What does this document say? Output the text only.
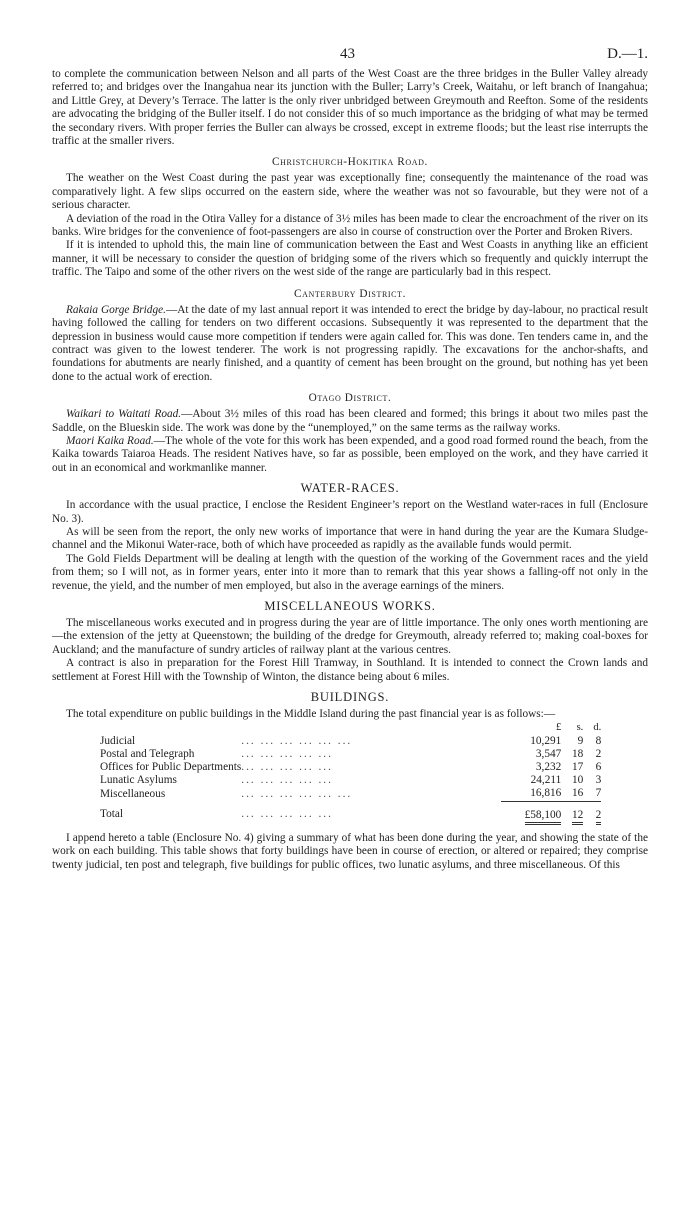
43	D.—1.

to complete the communication between Nelson and all parts of the West Coast are the three bridges in the Buller Valley already referred to; and bridges over the Inangahua near its junction with the Buller; Larry’s Creek, Waitahu, or left branch of Inangahua; and Little Grey, at Devery’s Terrace. The latter is the only river unbridged between Greymouth and Reefton. Some of the residents are advocating the bridging of the Buller itself. I do not consider this of so much importance as the bridging of what may be termed the secondary rivers. With proper ferries the Buller can always be crossed, except in extreme floods; but the least rise interrupts the traffic at the smaller rivers.

Christchurch-Hokitika Road.

The weather on the West Coast during the past year was exceptionally fine; consequently the maintenance of the road was comparatively light. A few slips occurred on the eastern side, where the weather was not so favourable, but they were not of a serious character.

A deviation of the road in the Otira Valley for a distance of 3½ miles has been made to clear the encroachment of the river on its banks. Wire bridges for the convenience of foot-passengers are also in course of construction over the Porter and Broken Rivers.

If it is intended to uphold this, the main line of communication between the East and West Coasts in anything like an efficient manner, it will be necessary to consider the question of bridging some of the rivers which so frequently and quickly interrupt the traffic. The Taipo and some of the other rivers on the west side of the range are particularly bad in this respect.

Canterbury District.

Rakaia Gorge Bridge.—At the date of my last annual report it was intended to erect the bridge by day-labour, no practical result having followed the calling for tenders on two different occasions. Subsequently it was represented to the department that the depression in business would cause more competition if tenders were again called for. This was done. Ten tenders came in, and the contract was given to the lowest tenderer. The work is not progressing rapidly. The excavations for the anchor-shafts, and foundations for abutments are nearly finished, and a quantity of cement has been brought on the ground, but nothing has yet been done to the actual work of erection.

Otago District.

Waikari to Waitati Road.—About 3½ miles of this road has been cleared and formed; this brings it about two miles past the Saddle, on the Blueskin side. The work was done by the “unemployed,” on the same terms as the railway works.

Maori Kaika Road.—The whole of the vote for this work has been expended, and a good road formed round the beach, from the Kaika towards Taiaroa Heads. The resident Natives have, so far as possible, been employed on the work, and they have carried it out in an economical and workmanlike manner.

WATER-RACES.

In accordance with the usual practice, I enclose the Resident Engineer’s report on the Westland water-races in full (Enclosure No. 3).

As will be seen from the report, the only new works of importance that were in hand during the year are the Kumara Sludge-channel and the Mikonui Water-race, both of which have proceeded as rapidly as the available funds would permit.

The Gold Fields Department will be dealing at length with the question of the working of the Government races and the yield from them; so I will not, as in former years, enter into it more than to remark that this year shows a falling-off not only in the revenue, the yield, and the number of men employed, but also in the average earnings of the miners.

MISCELLANEOUS WORKS.

The miscellaneous works executed and in progress during the year are of little importance. The only ones worth mentioning are—the extension of the jetty at Queenstown; the building of the dredge for Greymouth, already referred to; making coal-boxes for Auckland; and the manufacture of sundry articles of railway plant at the various centres.

A contract is also in preparation for the Forest Hill Tramway, in Southland. It is intended to connect the Crown lands and settlement at Forest Hill with the Township of Winton, the distance being about 6 miles.

BUILDINGS.

The total expenditure on public buildings in the Middle Island during the past financial year is as follows:—

		£	s.	d.
Judicial	... ... ... ... ... ...	10,291	9	8
Postal and Telegraph	... ... ... ... ...	3,547	18	2
Offices for Public Departments	... ... ... ... ...	3,232	17	6
Lunatic Asylums	... ... ... ... ...	24,211	10	3
Miscellaneous	... ... ... ... ... ...	16,816	16	7
Total	... ... ... ... ...	£58,100	12	2

I append hereto a table (Enclosure No. 4) giving a summary of what has been done during the year, and showing the state of the work on each building. This table shows that forty buildings have been in course of erection, or altered or repaired; they comprise twenty judicial, ten post and telegraph, five buildings for public offices, two lunatic asylums, and three miscellaneous. Of this
